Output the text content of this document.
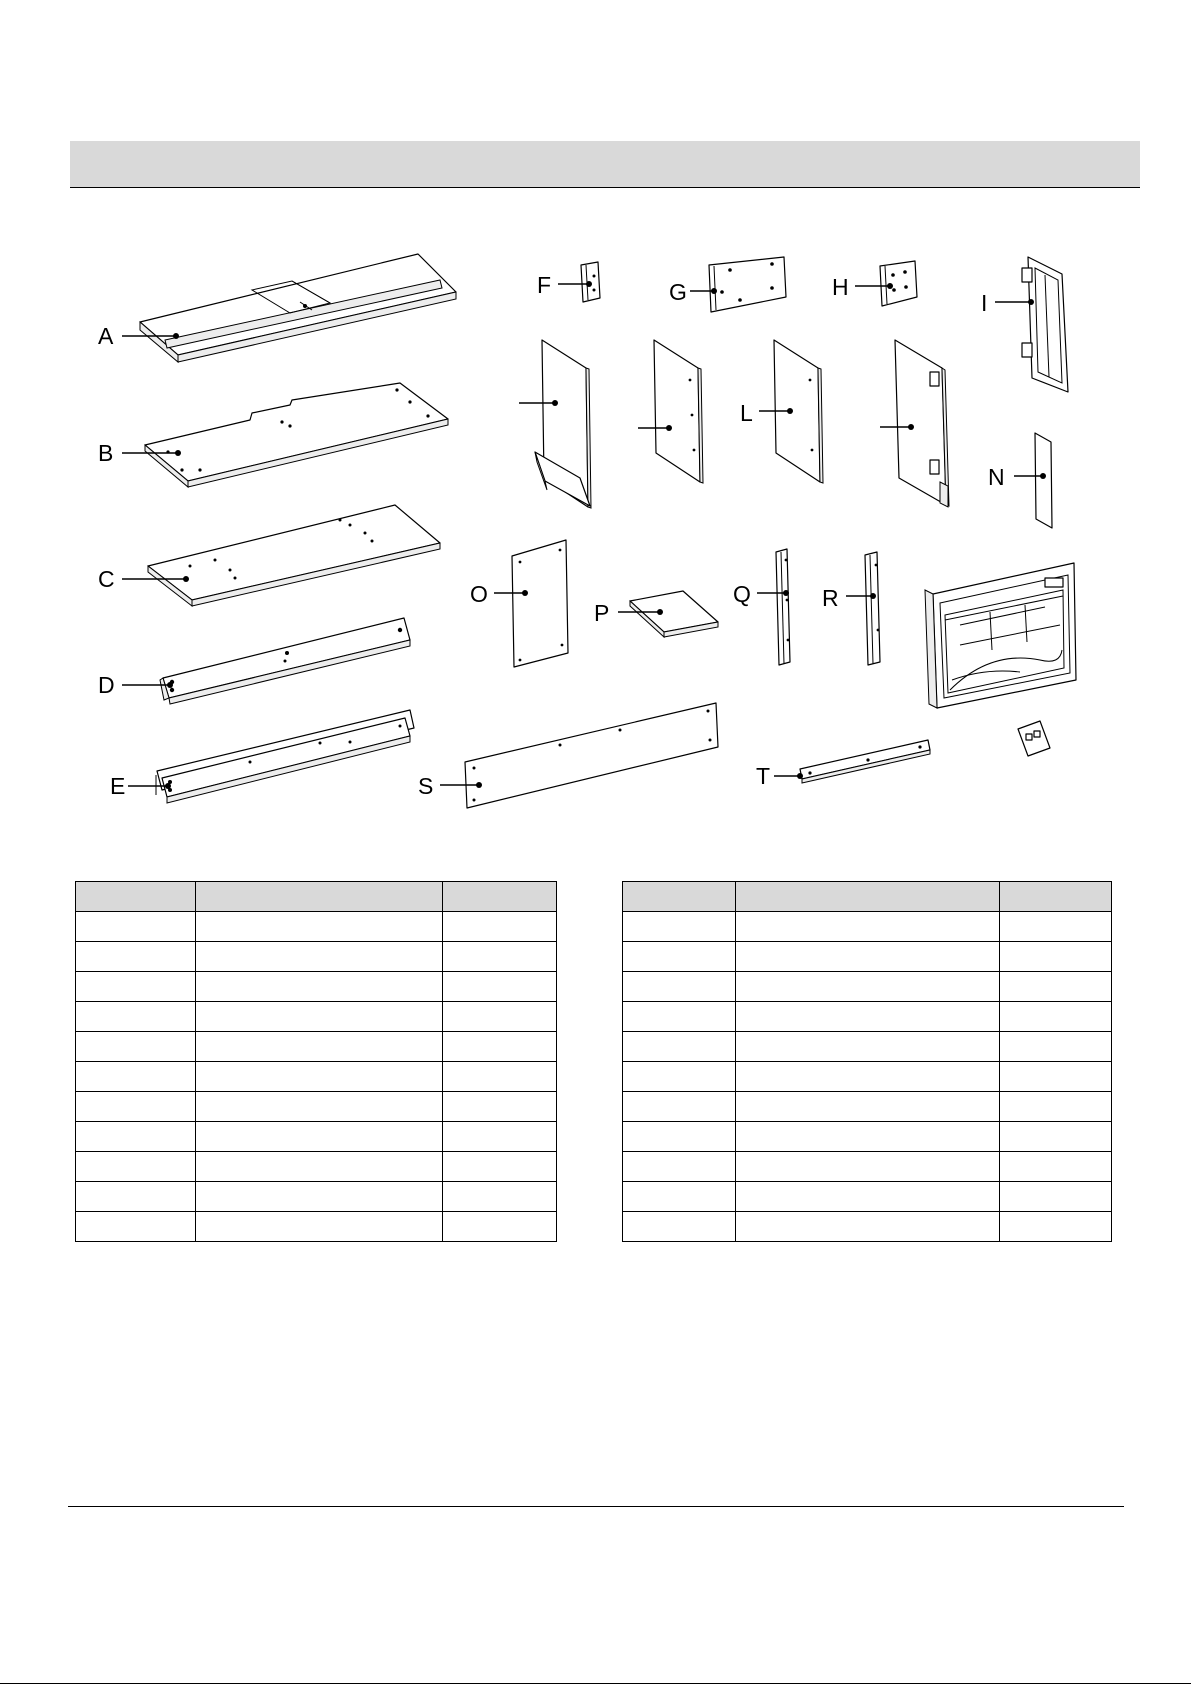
A
B
C
D
E
F	G	H
I
L
N
O
P
Q	R
S	T
